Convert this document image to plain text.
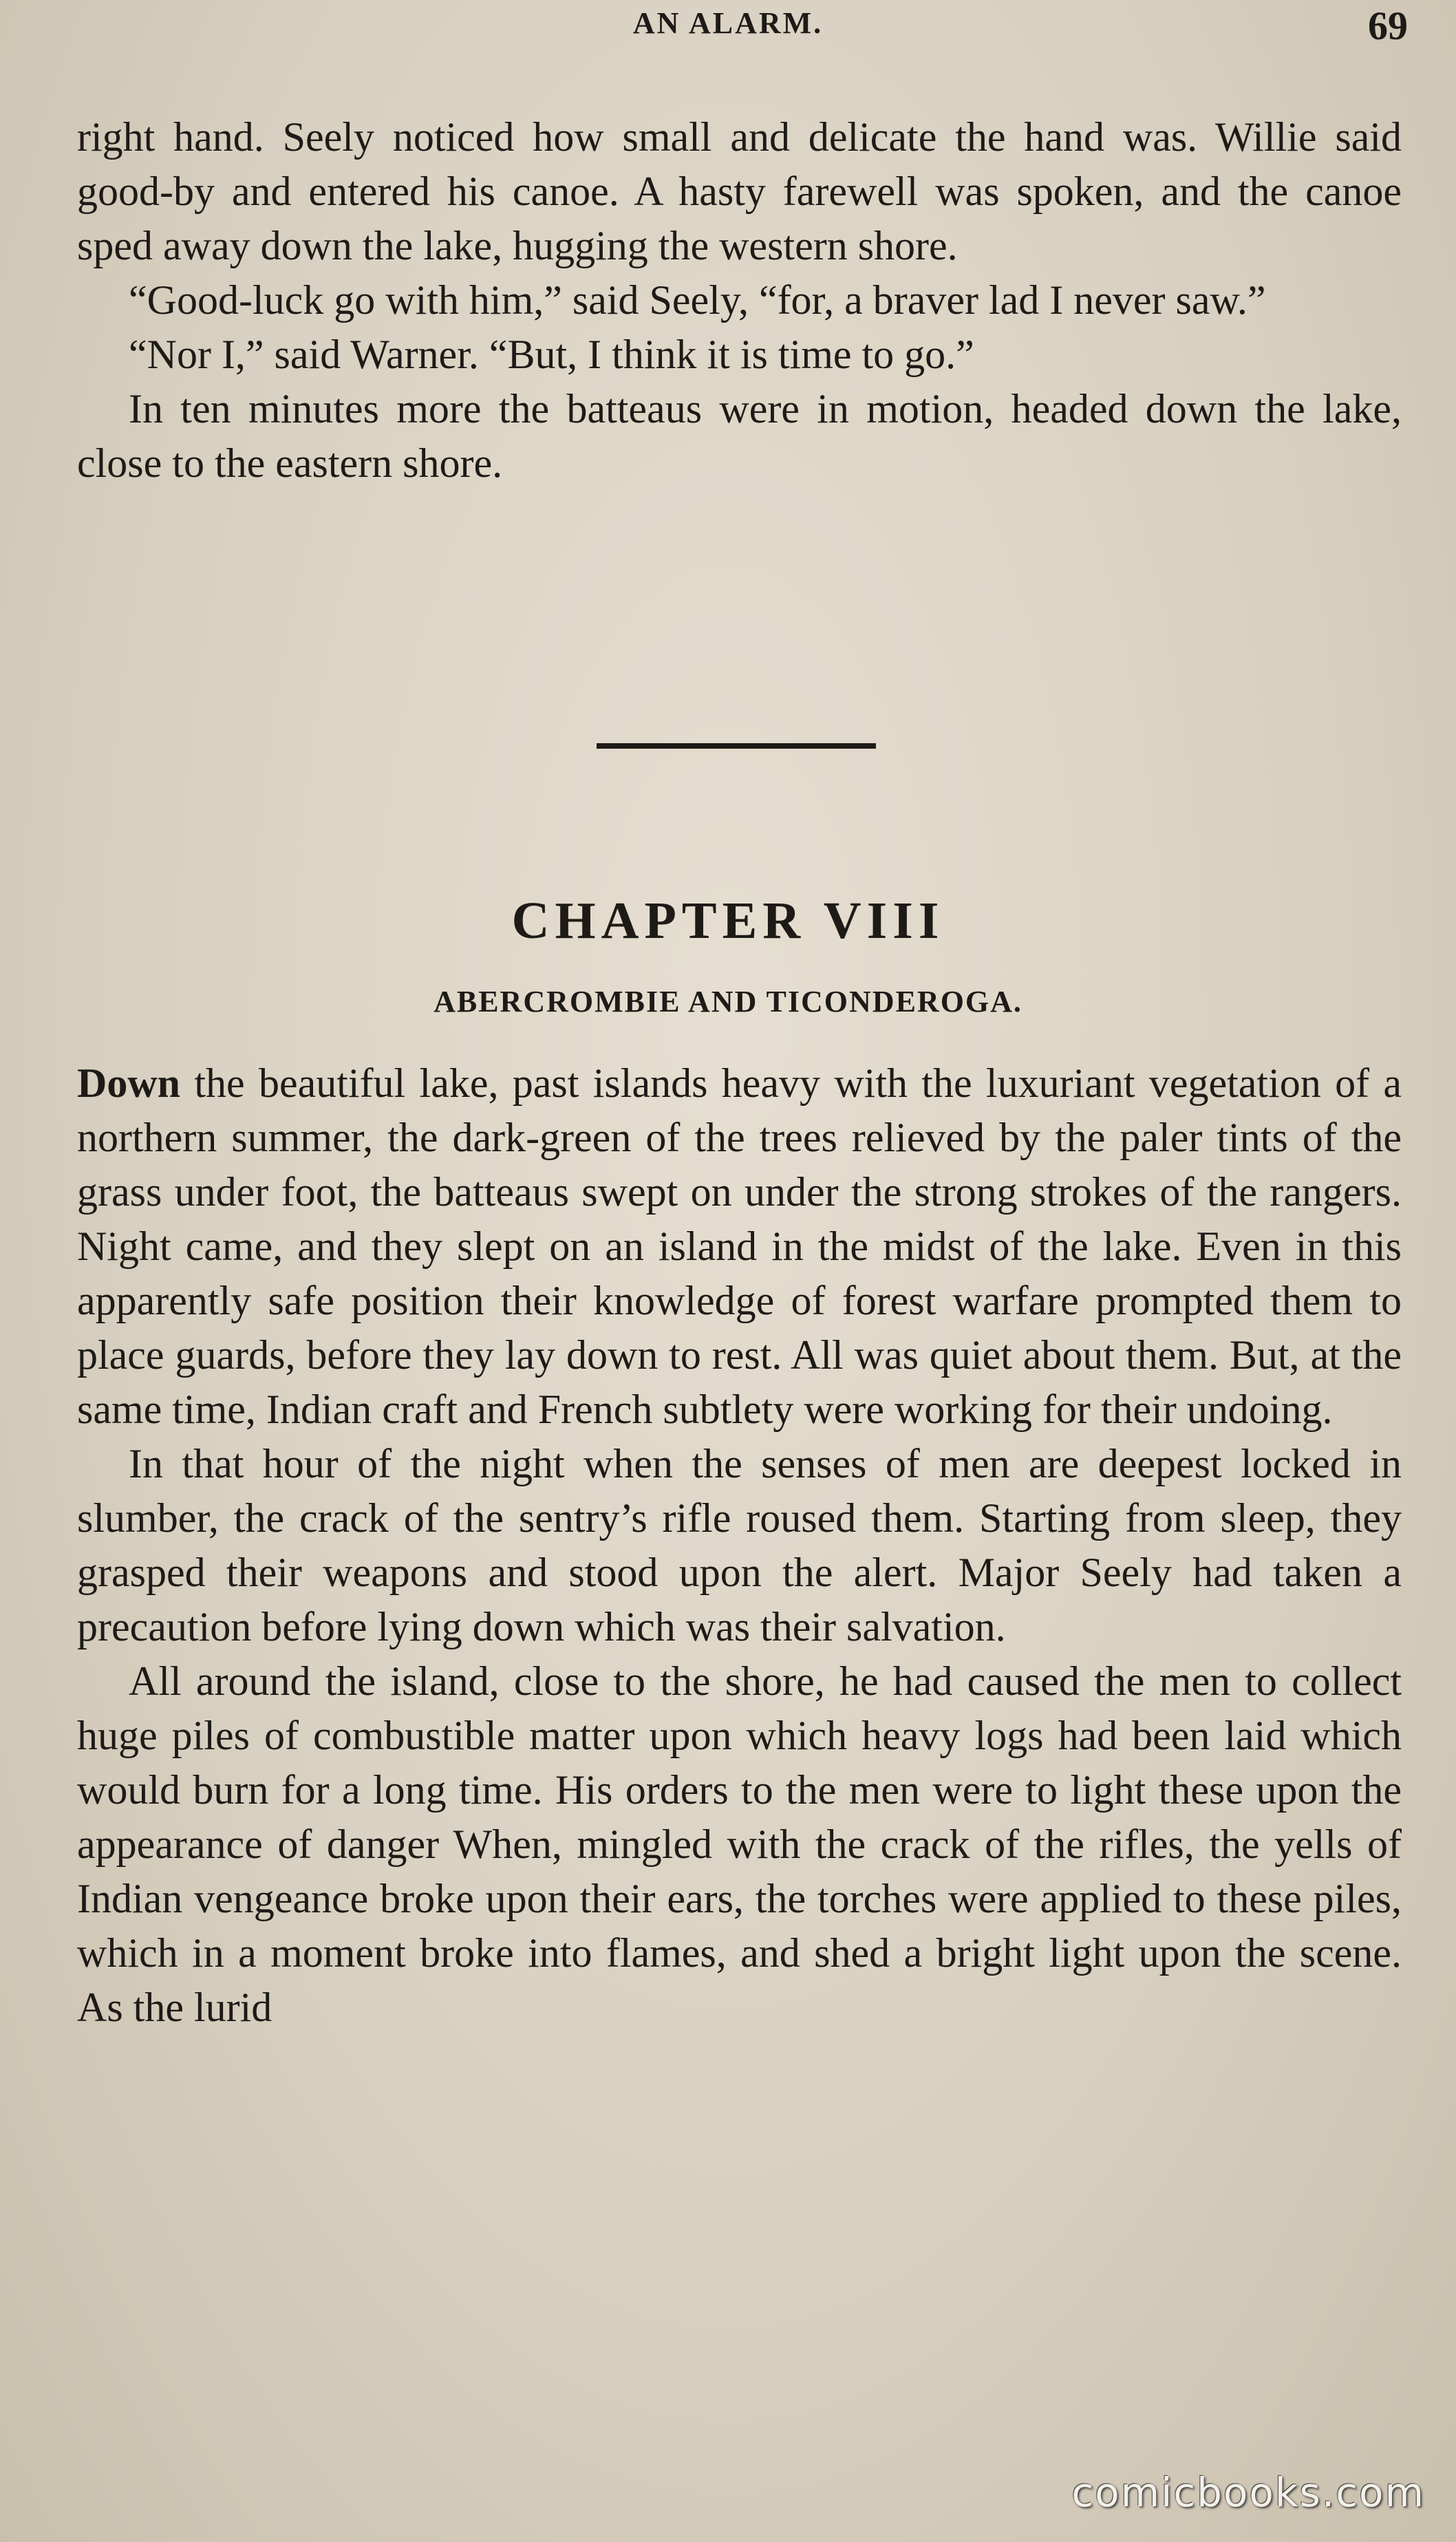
AN ALARM.	69

right hand. Seely noticed how small and delicate the hand was. Willie said good-by and entered his canoe. A hasty farewell was spoken, and the canoe sped away down the lake, hugging the western shore.

“Good-luck go with him,” said Seely, “for, a braver lad I never saw.”

“Nor I,” said Warner. “But, I think it is time to go.”

In ten minutes more the batteaus were in motion, headed down the lake, close to the eastern shore.

CHAPTER VIII
ABERCROMBIE AND TICONDEROGA.

Down the beautiful lake, past islands heavy with the luxuriant vegetation of a northern summer, the dark-green of the trees relieved by the paler tints of the grass under foot, the batteaus swept on under the strong strokes of the rangers. Night came, and they slept on an island in the midst of the lake. Even in this apparently safe position their knowledge of forest warfare prompted them to place guards, before they lay down to rest. All was quiet about them. But, at the same time, Indian craft and French subtlety were working for their undoing.

In that hour of the night when the senses of men are deepest locked in slumber, the crack of the sentry’s rifle roused them. Starting from sleep, they grasped their weapons and stood upon the alert. Major Seely had taken a precaution before lying down which was their salvation.

All around the island, close to the shore, he had caused the men to collect huge piles of combustible matter upon which heavy logs had been laid which would burn for a long time. His orders to the men were to light these upon the appearance of danger When, mingled with the crack of the rifles, the yells of Indian vengeance broke upon their ears, the torches were applied to these piles, which in a moment broke into flames, and shed a bright light upon the scene. As the lurid

comicbooks.com
